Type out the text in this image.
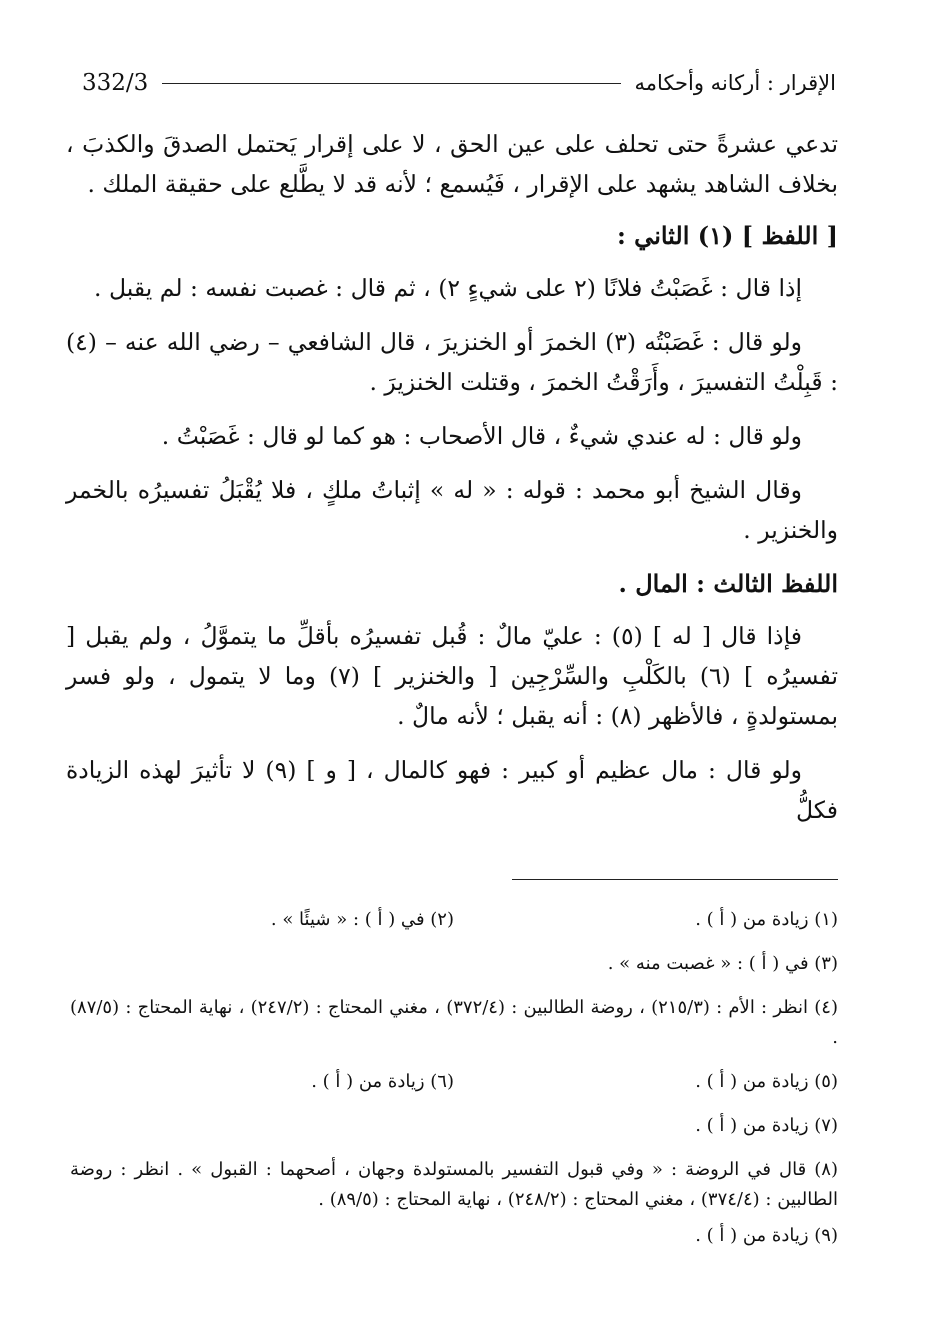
الإقرار : أركانه وأحكامه
332/3

تدعي عشرةً حتى تحلف على عين الحق ، لا على إقرار يَحتمل الصدقَ والكذبَ ، بخلاف الشاهد يشهد على الإقرار ، فَيُسمع ؛ لأنه قد لا يطَّلع على حقيقة الملك .

[ اللفظ ] (١) الثاني :

إذا قال : غَصَبْتُ فلانًا (٢ على شيءٍ ٢) ، ثم قال : غصبت نفسه : لم يقبل .

ولو قال : غَصَبْتُه (٣) الخمرَ أو الخنزيرَ ، قال الشافعي – رضي الله عنه – (٤) : قَبِلْتُ التفسيرَ ، وأَرَقْتُ الخمرَ ، وقتلت الخنزيرَ .

ولو قال : له عندي شيءٌ ، قال الأصحاب : هو كما لو قال : غَصَبْتُ .

وقال الشيخ أبو محمد : قوله : « له » إثباتُ ملكٍ ، فلا يُقْبَلُ تفسيرُه بالخمر والخنزير .

اللفظ الثالث : المال .

فإذا قال [ له ] (٥) : عليّ مالٌ : قُبل تفسيرُه بأقلِّ ما يتموَّلُ ، ولم يقبل [ تفسيرُه ] (٦) بالكَلْبِ والسِّرْجِين [ والخنزير ] (٧) وما لا يتمول ، ولو فسر بمستولدةٍ ، فالأظهر (٨) : أنه يقبل ؛ لأنه مالٌ .

ولو قال : مال عظيم أو كبير : فهو كالمال ، [ و ] (٩) لا تأثيرَ لهذه الزيادة فكلُّ

(١) زيادة من ( أ ) .
(٢) في ( أ ) : « شيئًا » .
(٣) في ( أ ) : « غصبت منه » .
(٤) انظر : الأم : (٢١٥/٣) ، روضة الطالبين : (٣٧٢/٤) ، مغني المحتاج : (٢٤٧/٢) ، نهاية المحتاج : (٨٧/٥) .
(٥) زيادة من ( أ ) .
(٦) زيادة من ( أ ) .
(٧) زيادة من ( أ ) .
(٨) قال في الروضة : « وفي قبول التفسير بالمستولدة وجهان ، أصحهما : القبول » . انظر : روضة الطالبين : (٣٧٤/٤) ، مغني المحتاج : (٢٤٨/٢) ، نهاية المحتاج : (٨٩/٥) .
(٩) زيادة من ( أ ) .
